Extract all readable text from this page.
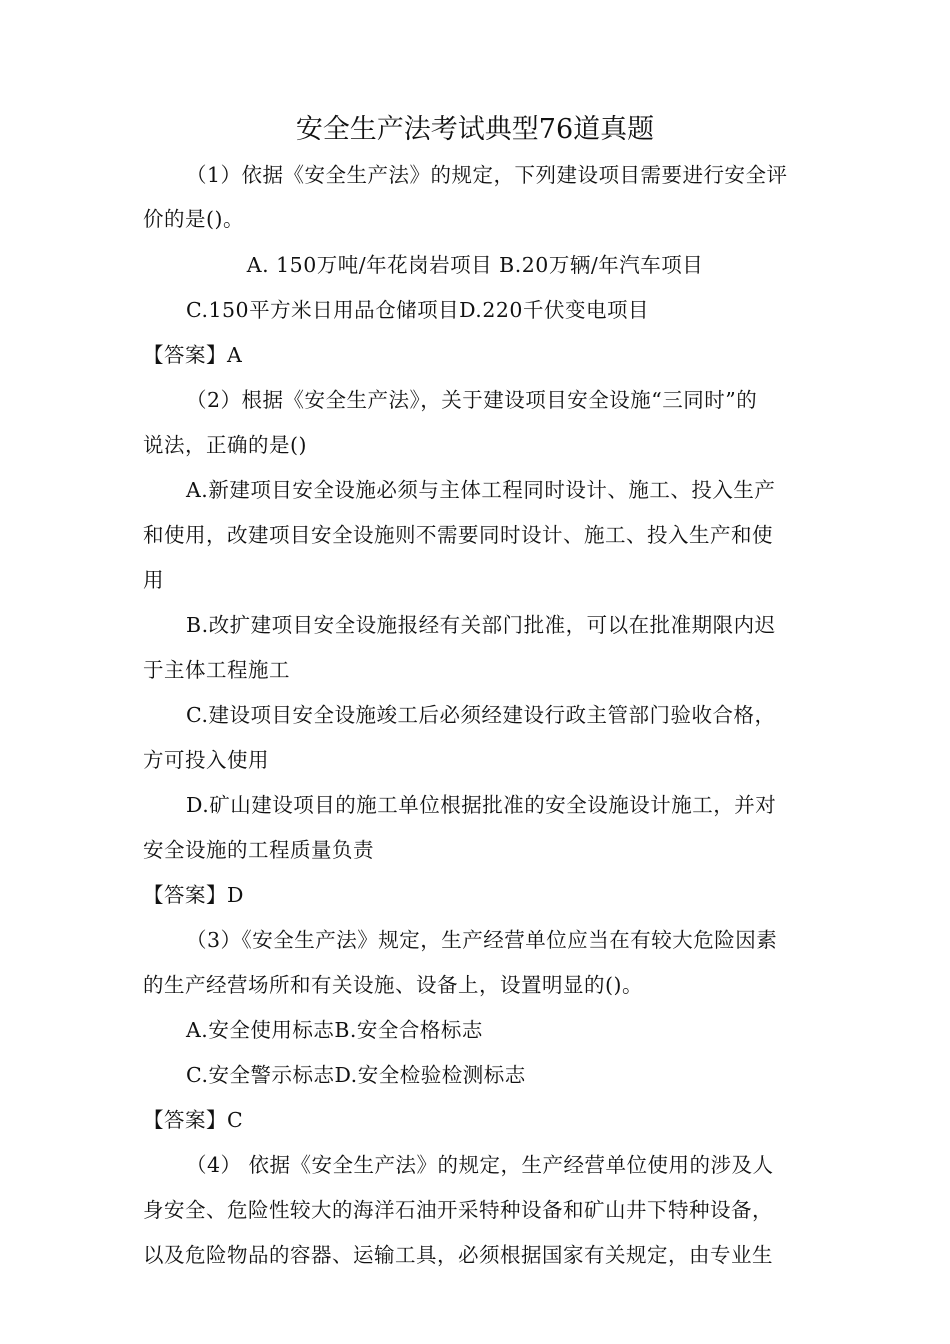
安全生产法考试典型76道真题
（1）依据《安全生产法》的规定，下列建设项目需要进行安全评
价的是()。
A. 150万吨/年花岗岩项目 B.20万辆/年汽车项目
C.150平方米日用品仓储项目D.220千伏变电项目
【答案】A
（2）根据《安全生产法》，关于建设项目安全设施“三同时”的
说法，正确的是()
A.新建项目安全设施必须与主体工程同时设计、施工、投入生产
和使用，改建项目安全设施则不需要同时设计、施工、投入生产和使
用
B.改扩建项目安全设施报经有关部门批准，可以在批准期限内迟
于主体工程施工
C.建设项目安全设施竣工后必须经建设行政主管部门验收合格，
方可投入使用
D.矿山建设项目的施工单位根据批准的安全设施设计施工，并对
安全设施的工程质量负责
【答案】D
（3）《安全生产法》规定，生产经营单位应当在有较大危险因素
的生产经营场所和有关设施、设备上，设置明显的()。
A.安全使用标志B.安全合格标志
C.安全警示标志D.安全检验检测标志
【答案】C
（4） 依据《安全生产法》的规定，生产经营单位使用的涉及人
身安全、危险性较大的海洋石油开采特种设备和矿山井下特种设备，
以及危险物品的容器、运输工具，必须根据国家有关规定，由专业生
